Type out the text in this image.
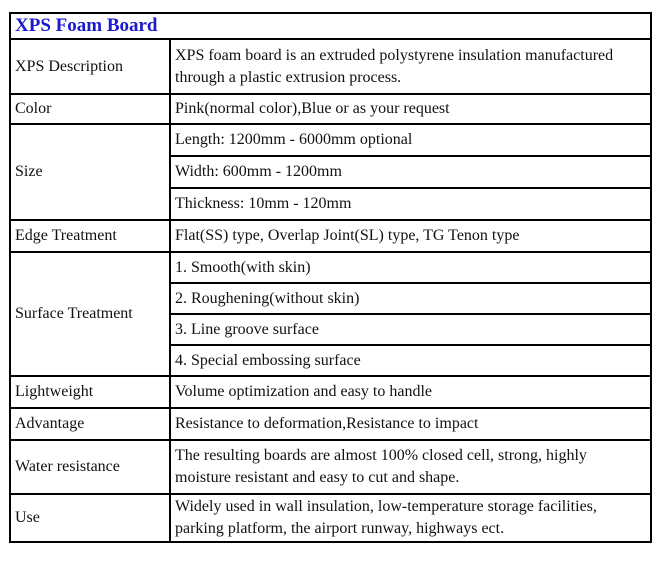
XPS Foam Board	
XPS Description	XPS foam board is an extruded polystyrene insulation manufactured through a plastic extrusion process.
Color	Pink(normal color),Blue or as your request
Size	Length: 1200mm - 6000mm optional
	Width: 600mm - 1200mm
	Thickness: 10mm - 120mm
Edge Treatment	Flat(SS) type, Overlap Joint(SL) type, TG Tenon type
Surface Treatment	1. Smooth(with skin)
	2. Roughening(without skin)
	3. Line groove surface
	4. Special embossing surface
Lightweight	Volume optimization and easy to handle
Advantage	Resistance to deformation,Resistance to impact
Water resistance	The resulting boards are almost 100% closed cell, strong, highly moisture resistant and easy to cut and shape.
Use	Widely used in wall insulation, low-temperature storage facilities, parking platform, the airport runway, highways ect.
